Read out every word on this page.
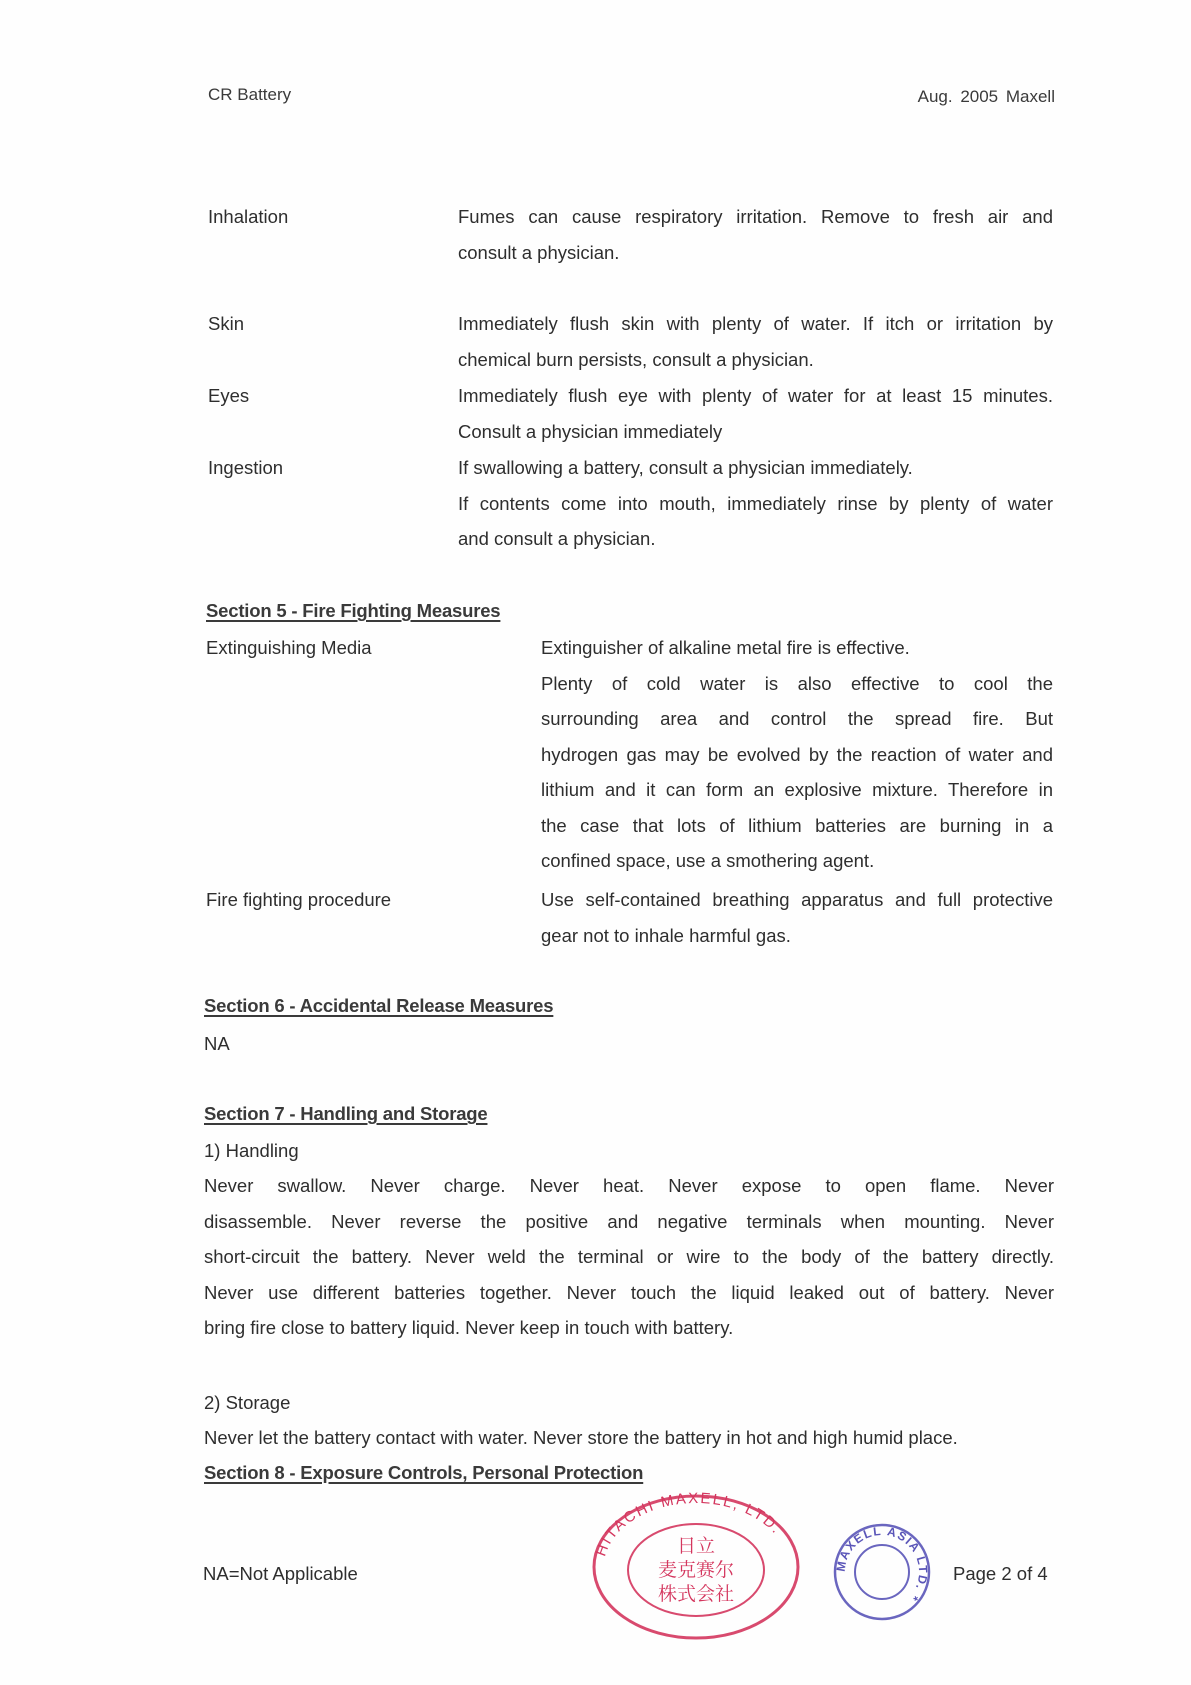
CR Battery	Aug. 2005 Maxell
Inhalation	Fumes can cause respiratory irritation. Remove to fresh air and
consult a physician.
Skin	Immediately flush skin with plenty of water. If itch or irritation by
chemical burn persists, consult a physician.
Eyes	Immediately flush eye with plenty of water for at least 15 minutes.
Consult a physician immediately
Ingestion	If swallowing a battery, consult a physician immediately.
If contents come into mouth, immediately rinse by plenty of water
and consult a physician.
Section 5 - Fire Fighting Measures
Extinguishing Media	Extinguisher of alkaline metal fire is effective.
Plenty of cold water is also effective to cool the
surrounding area and control the spread fire. But
hydrogen gas may be evolved by the reaction of water and
lithium and it can form an explosive mixture. Therefore in
the case that lots of lithium batteries are burning in a
confined space, use a smothering agent.
Fire fighting procedure	Use self-contained breathing apparatus and full protective
gear not to inhale harmful gas.
Section 6 - Accidental Release Measures
NA
Section 7 - Handling and Storage
1) Handling
Never swallow. Never charge. Never heat. Never expose to open flame. Never
disassemble. Never reverse the positive and negative terminals when mounting. Never
short-circuit the battery. Never weld the terminal or wire to the body of the battery directly.
Never use different batteries together. Never touch the liquid leaked out of battery. Never
bring fire close to battery liquid. Never keep in touch with battery.
2) Storage
Never let the battery contact with water. Never store the battery in hot and high humid place.
Section 8 - Exposure Controls, Personal Protection
NA=Not Applicable	Page 2 of 4
HITACHI MAXELL, LTD.
日立
麦克赛尔
株式会社
MAXELL ASIA LTD. *
